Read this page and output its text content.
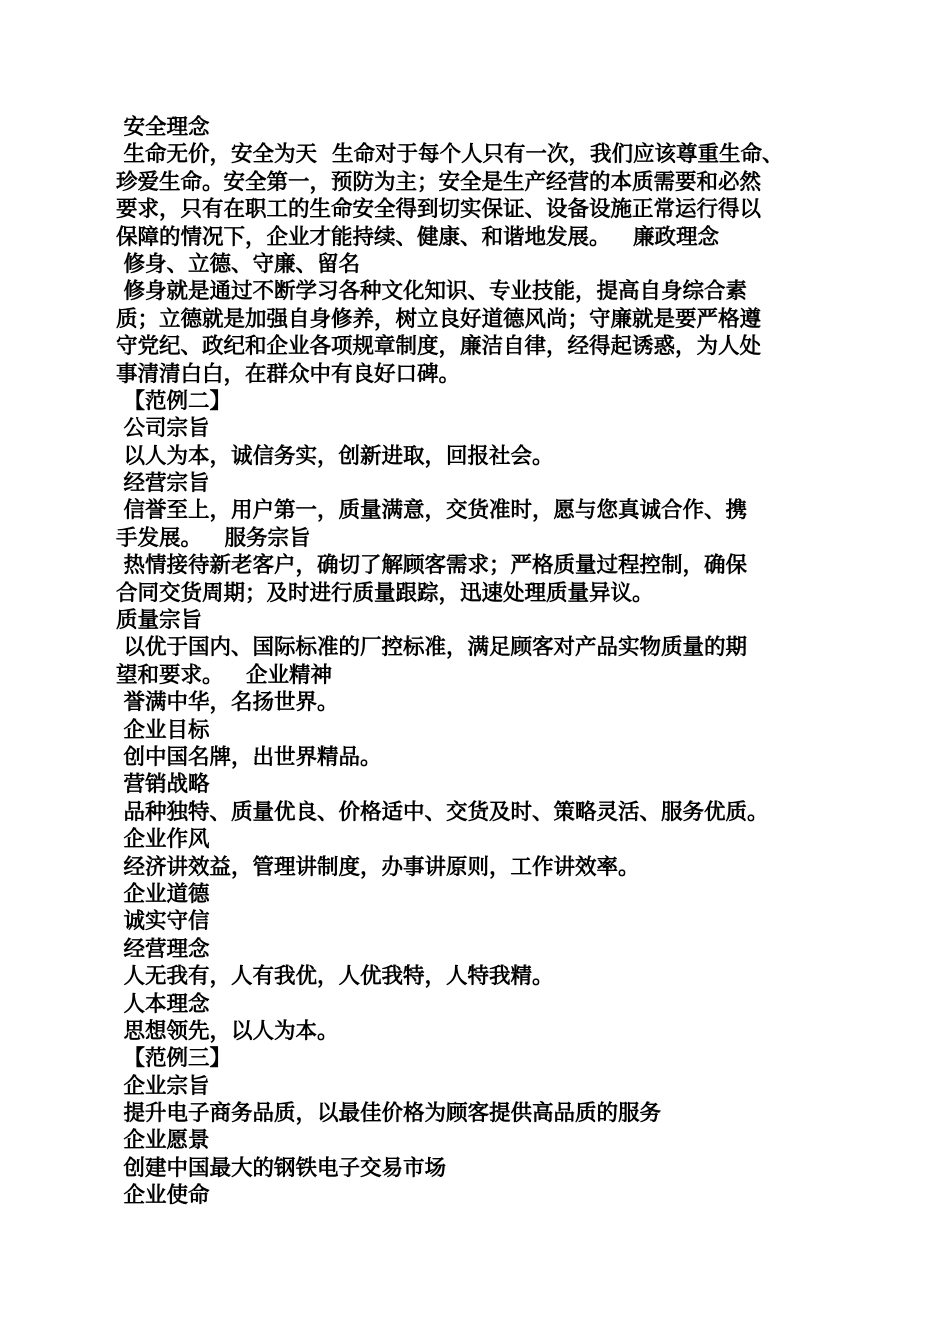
安全理念
生命无价，安全为天  生命对于每个人只有一次，我们应该尊重生命、
珍爱生命。安全第一，预防为主；安全是生产经营的本质需要和必然
要求，只有在职工的生命安全得到切实保证、设备设施正常运行得以
保障的情况下，企业才能持续、健康、和谐地发展。   廉政理念
修身、立德、守廉、留名
修身就是通过不断学习各种文化知识、专业技能，提高自身综合素
质；立德就是加强自身修养，树立良好道德风尚；守廉就是要严格遵
守党纪、政纪和企业各项规章制度，廉洁自律，经得起诱惑，为人处
事清清白白，在群众中有良好口碑。
【范例二】
公司宗旨
以人为本，诚信务实，创新进取，回报社会。
经营宗旨
信誉至上，用户第一，质量满意，交货准时，愿与您真诚合作、携
手发展。   服务宗旨
热情接待新老客户，确切了解顾客需求；严格质量过程控制，确保
合同交货周期；及时进行质量跟踪，迅速处理质量异议。
质量宗旨
以优于国内、国际标准的厂控标准，满足顾客对产品实物质量的期
望和要求。   企业精神
誉满中华，名扬世界。
企业目标
创中国名牌，出世界精品。
营销战略
品种独特、质量优良、价格适中、交货及时、策略灵活、服务优质。
企业作风
经济讲效益，管理讲制度，办事讲原则，工作讲效率。
企业道德
诚实守信
经营理念
人无我有，人有我优，人优我特，人特我精。
人本理念
思想领先，以人为本。
【范例三】
企业宗旨
提升电子商务品质，以最佳价格为顾客提供高品质的服务
企业愿景
创建中国最大的钢铁电子交易市场
企业使命
